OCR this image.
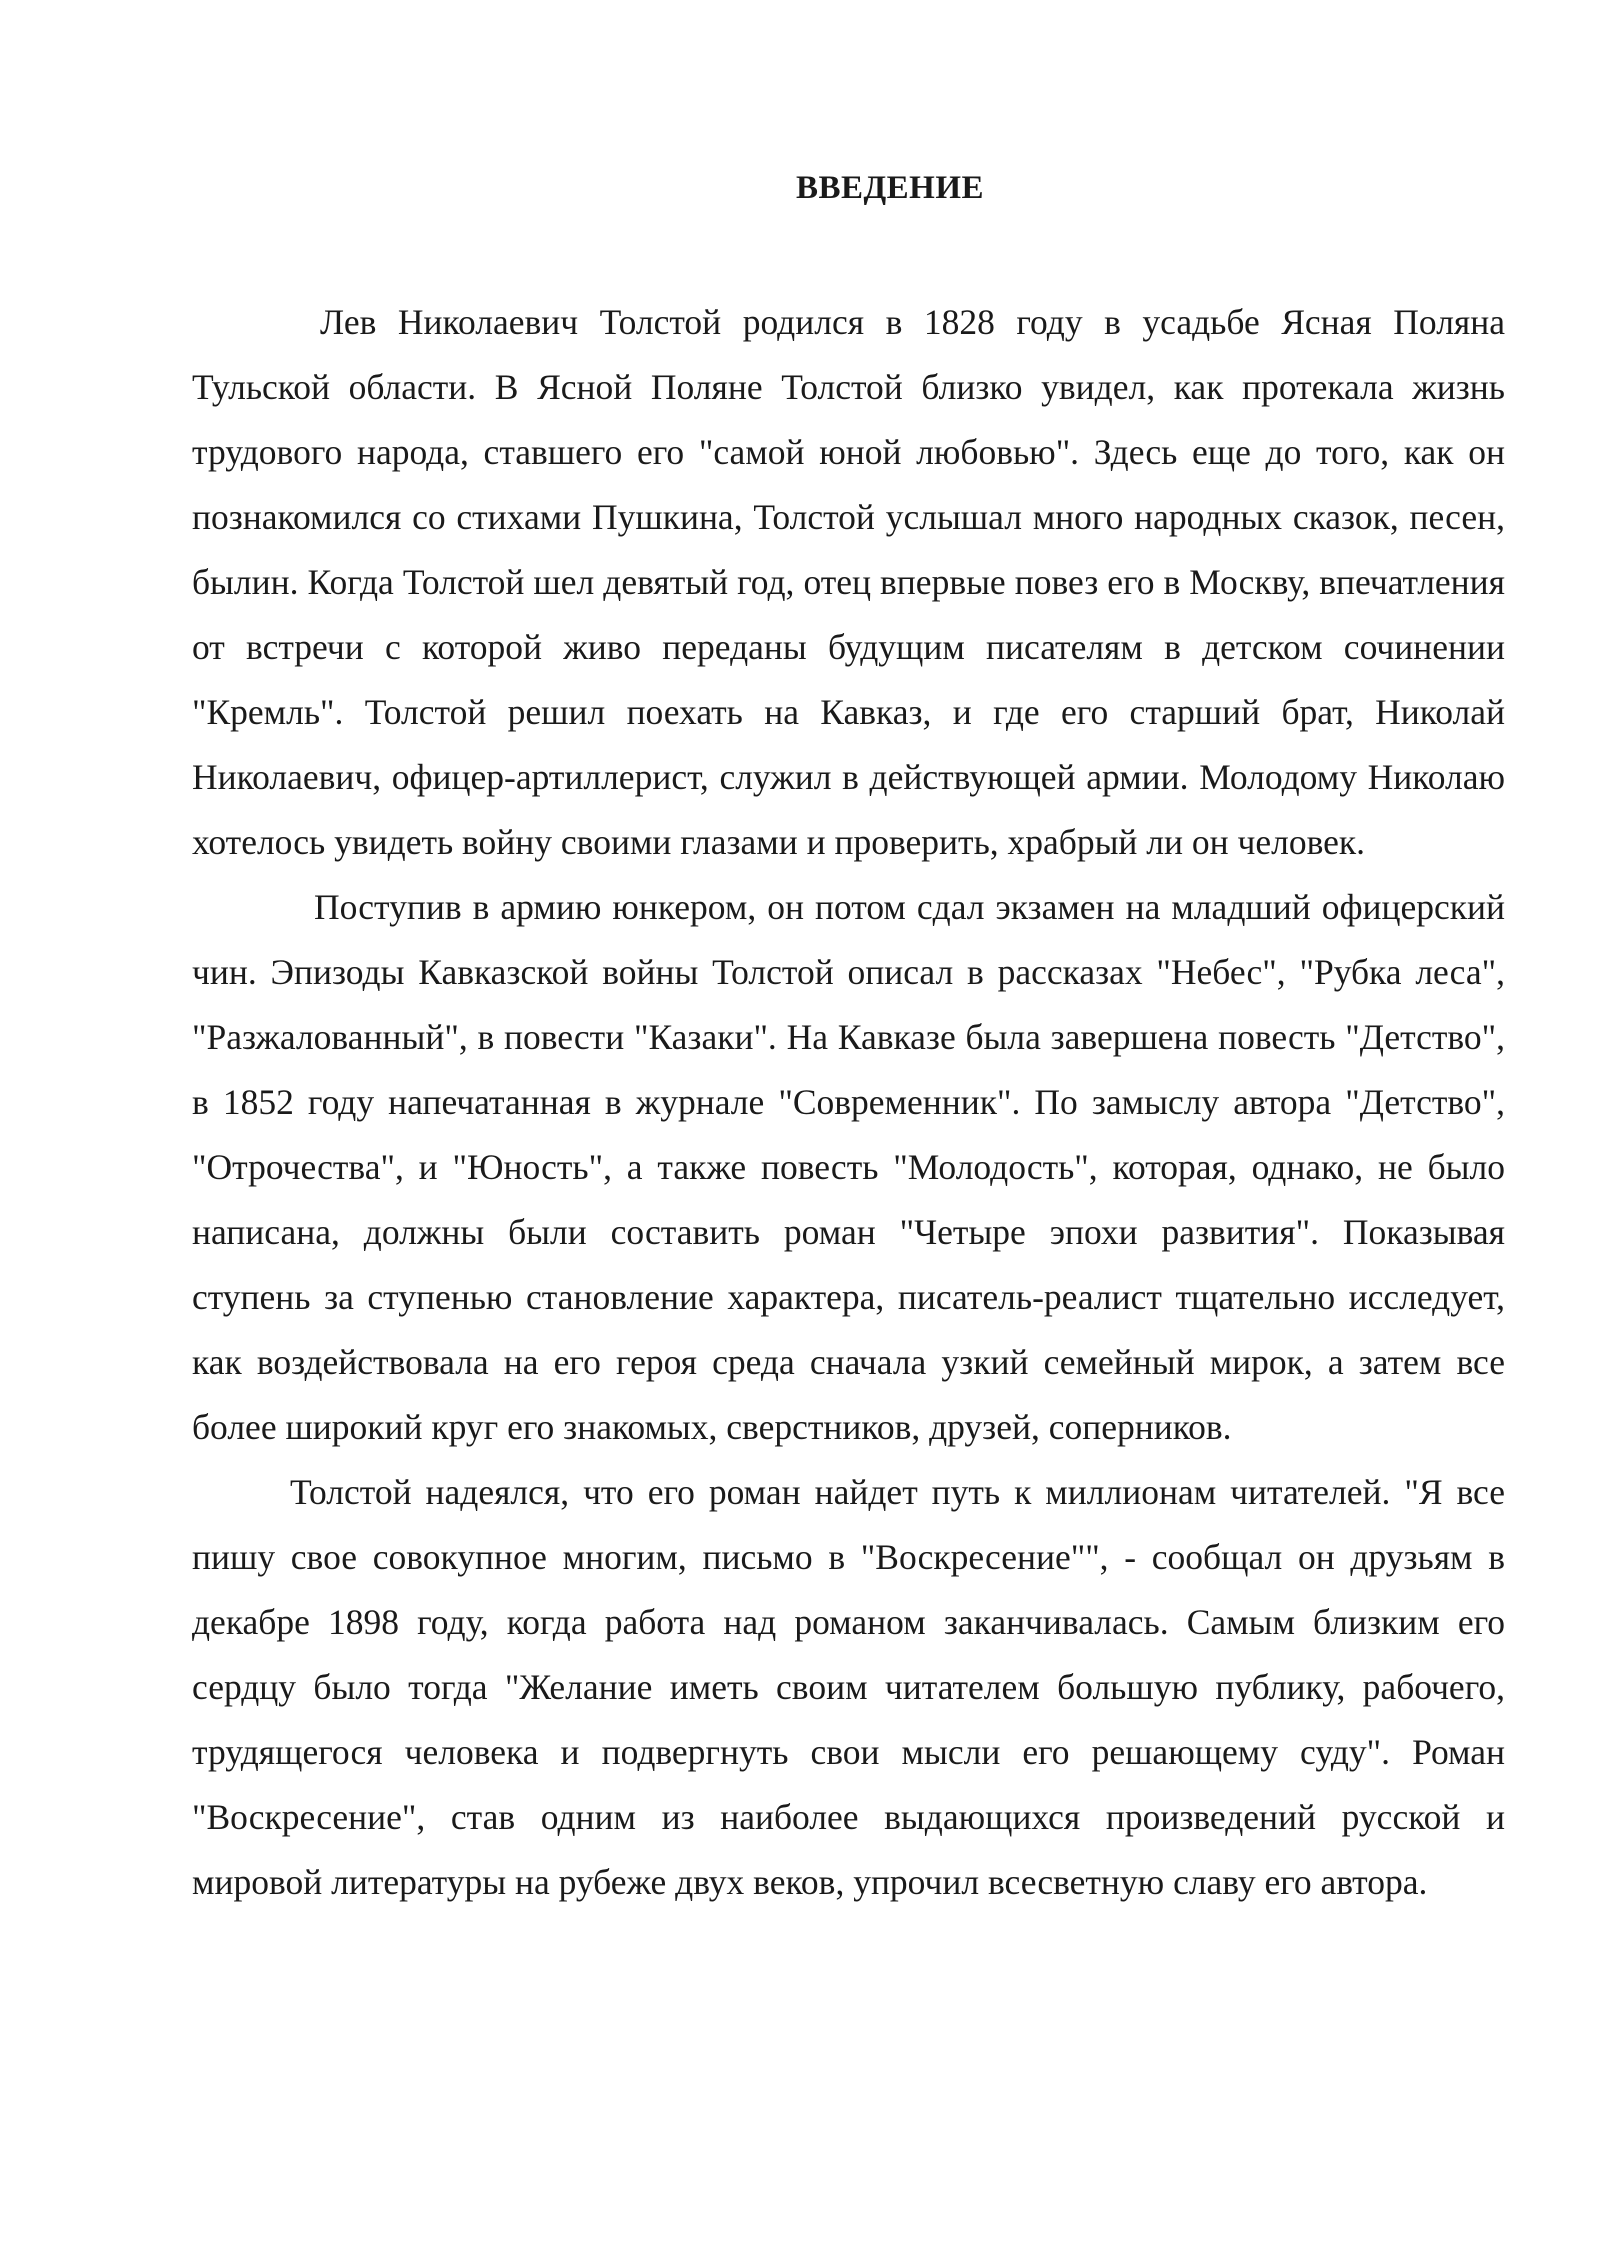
ВВЕДЕНИЕ

Лев Николаевич Толстой родился в 1828 году в усадьбе Ясная Поляна Тульской области. В Ясной Поляне Толстой близко увидел, как протекала жизнь трудового народа, ставшего его "самой юной любовью". Здесь еще до того, как он познакомился со стихами Пушкина, Толстой услышал много народных сказок, песен, былин. Когда Толстой шел девятый год, отец впервые повез его в Москву, впечатления от встречи с которой живо переданы будущим писателям в детском сочинении "Кремль". Толстой решил поехать на Кавказ, и где его старший брат, Николай Николаевич, офицер-артиллерист, служил в действующей армии. Молодому Николаю хотелось увидеть войну своими глазами и проверить, храбрый ли он человек.

Поступив в армию юнкером, он потом сдал экзамен на младший офицерский чин. Эпизоды Кавказской войны Толстой описал в рассказах "Небес", "Рубка леса", "Разжалованный", в повести "Казаки". На Кавказе была завершена повесть "Детство", в 1852 году напечатанная в журнале "Современник". По замыслу автора "Детство", "Отрочества", и "Юность", а также повесть "Молодость", которая, однако, не было написана, должны были составить роман "Четыре эпохи развития". Показывая ступень за ступенью становление характера, писатель-реалист тщательно исследует, как воздействовала на его героя среда сначала узкий семейный мирок, а затем все более широкий круг его знакомых, сверстников, друзей, соперников.

Толстой надеялся, что его роман найдет путь к миллионам читателей. "Я все пишу свое совокупное многим, письмо в "Воскресение"", - сообщал он друзьям в декабре 1898 году, когда работа над романом заканчивалась. Самым близким его сердцу было тогда "Желание иметь своим читателем большую публику, рабочего, трудящегося человека и подвергнуть свои мысли его решающему суду". Роман "Воскресение", став одним из наиболее выдающихся произведений русской и мировой литературы на рубеже двух веков, упрочил всесветную славу его автора.
